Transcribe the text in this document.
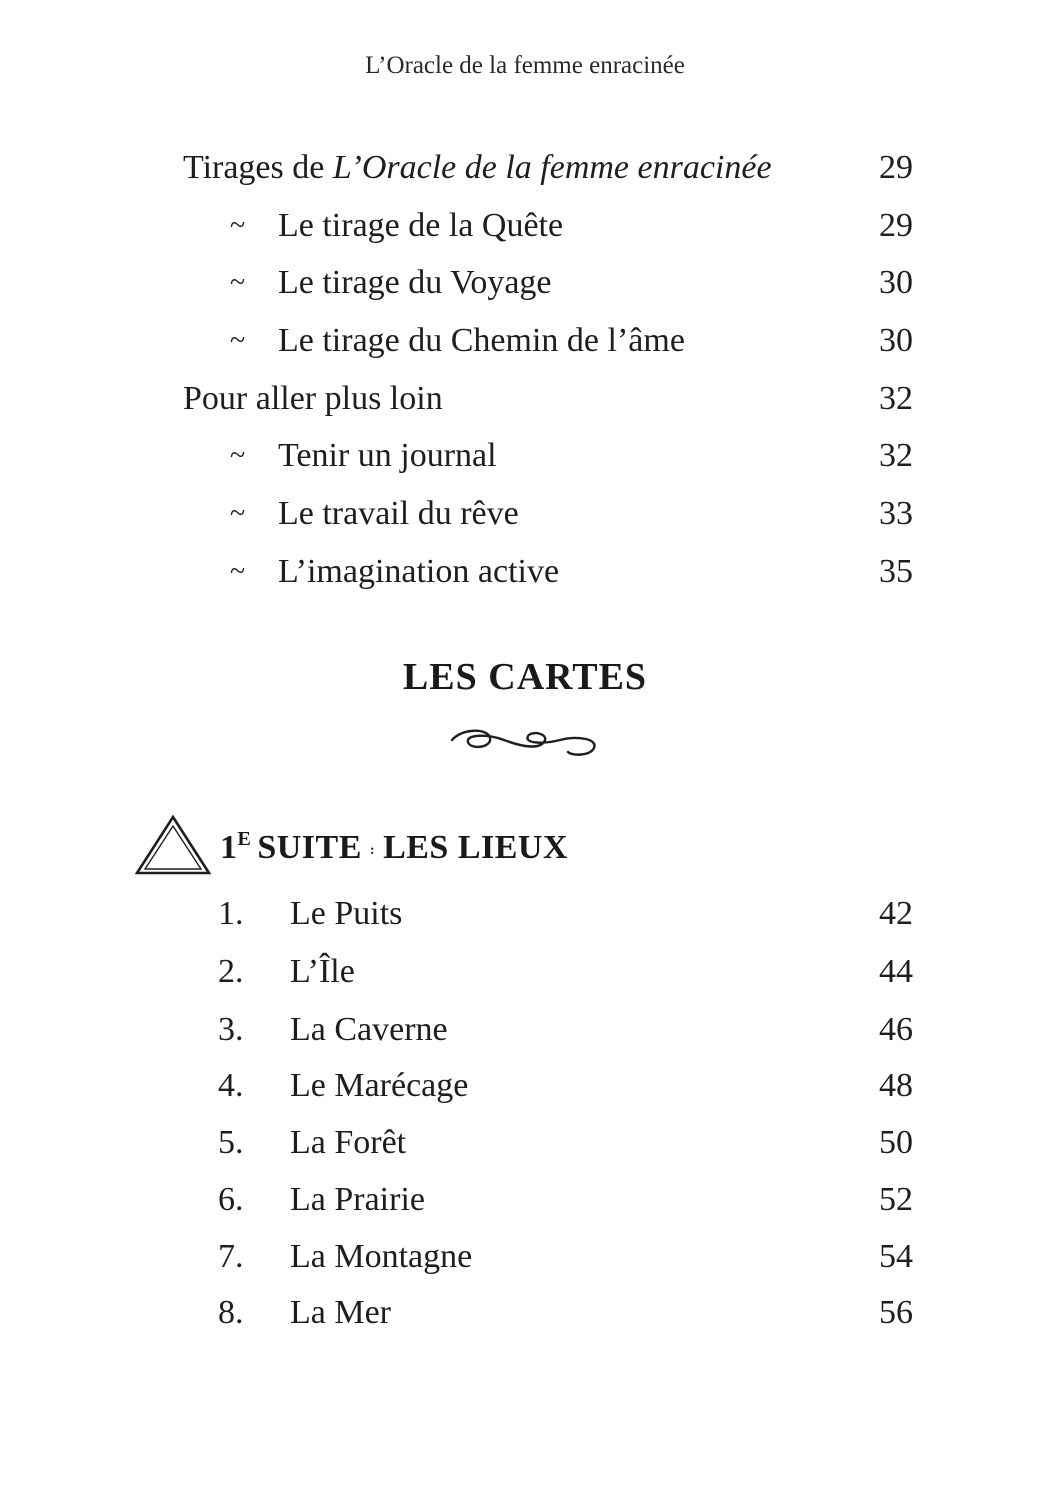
L’Oracle de la femme enracinée
Tirages de L’Oracle de la femme enracinée	29
~ Le tirage de la Quête	29
~ Le tirage du Voyage	30
~ Le tirage du Chemin de l’âme	30
Pour aller plus loin	32
~ Tenir un journal	32
~ Le travail du rêve	33
~ L’imagination active	35
LES CARTES
$1^E$ SUITE : LES LIEUX
1. Le Puits	42
2. L’Île	44
3. La Caverne	46
4. Le Marécage	48
5. La Forêt	50
6. La Prairie	52
7. La Montagne	54
8. La Mer	56
